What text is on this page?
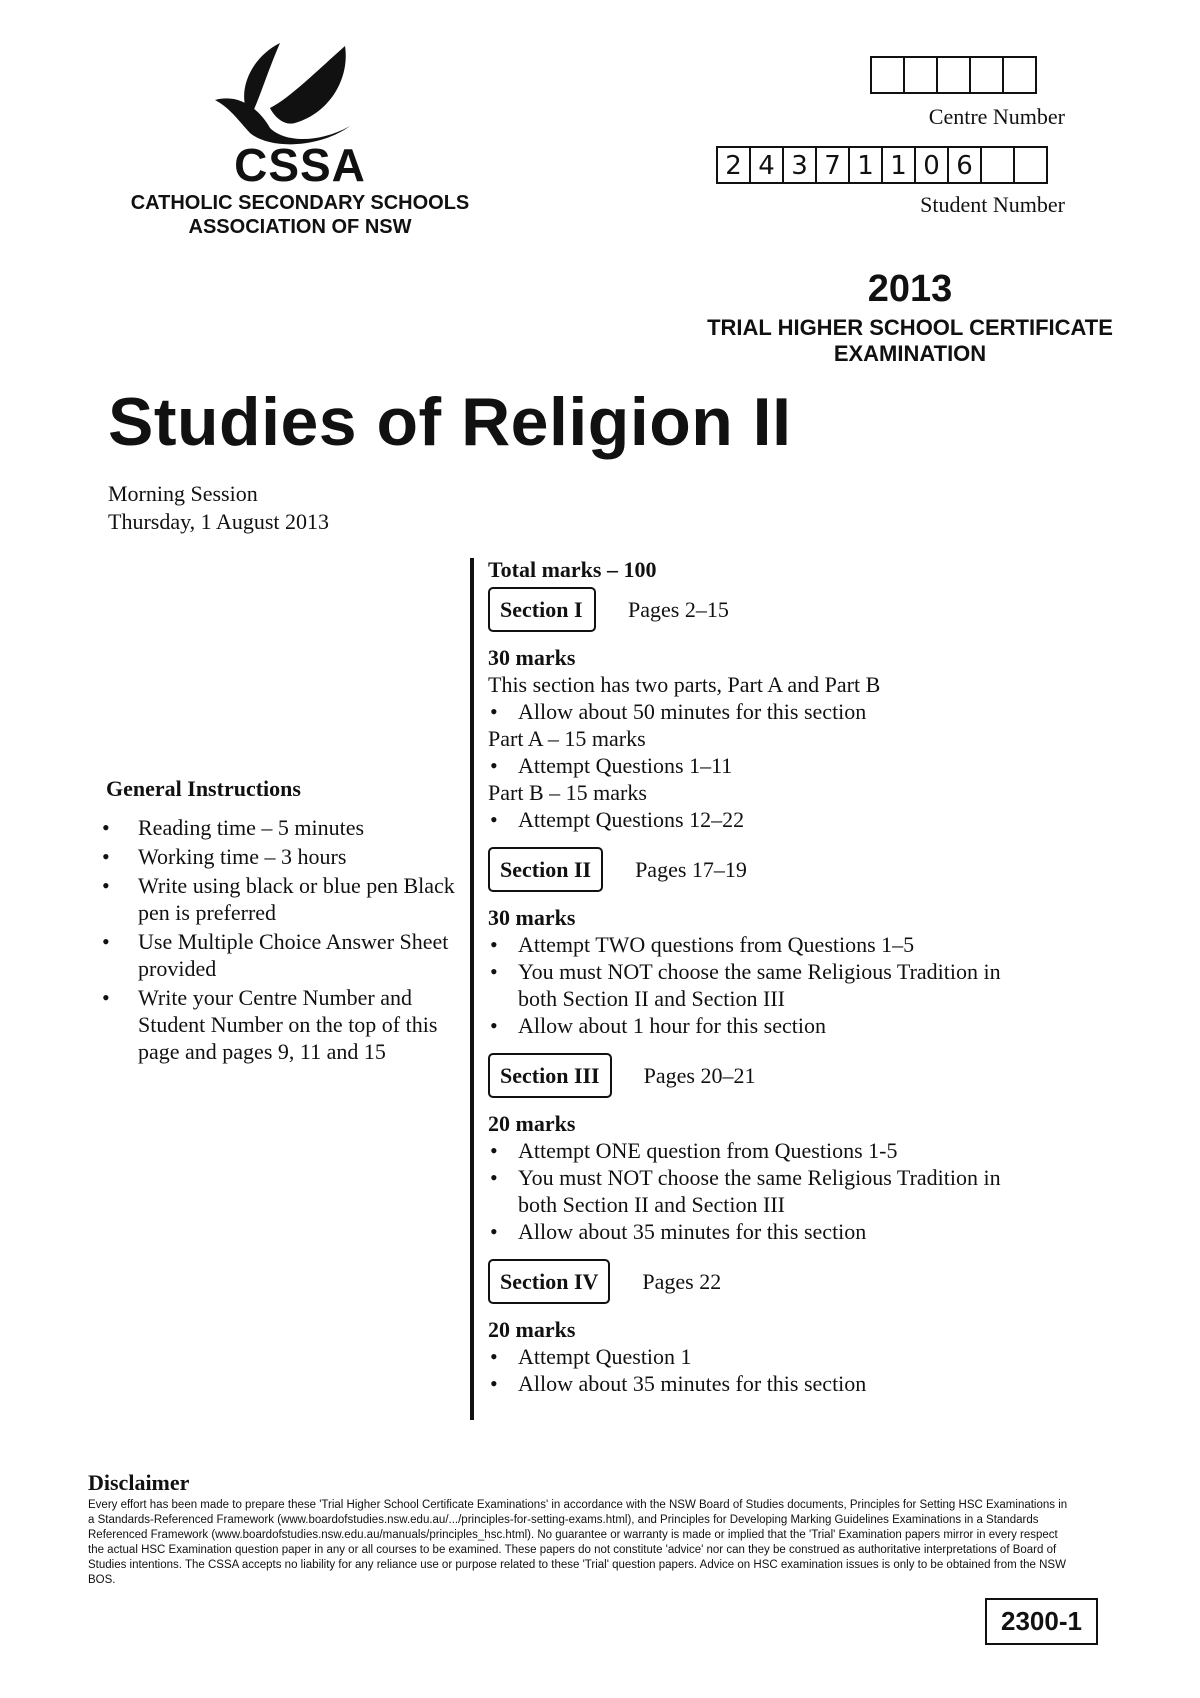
CSSA
CATHOLIC SECONDARY SCHOOLS
ASSOCIATION OF NSW
Centre Number
2 4 3 7 1 1 0 6
Student Number
2013
TRIAL HIGHER SCHOOL CERTIFICATE
EXAMINATION
Studies of Religion II
Morning Session
Thursday, 1 August 2013
General Instructions
• Reading time – 5 minutes
• Working time – 3 hours
• Write using black or blue pen Black pen is preferred
• Use Multiple Choice Answer Sheet provided
• Write your Centre Number and Student Number on the top of this page and pages 9, 11 and 15
Total marks – 100
Section I	Pages 2–15
30 marks
This section has two parts, Part A and Part B
• Allow about 50 minutes for this section
Part A – 15 marks
• Attempt Questions 1–11
Part B – 15 marks
• Attempt Questions 12–22
Section II	Pages 17–19
30 marks
• Attempt TWO questions from Questions 1–5
• You must NOT choose the same Religious Tradition in both Section II and Section III
• Allow about 1 hour for this section
Section III	Pages 20–21
20 marks
• Attempt ONE question from Questions 1-5
• You must NOT choose the same Religious Tradition in both Section II and Section III
• Allow about 35 minutes for this section
Section IV	Pages 22
20 marks
• Attempt Question 1
• Allow about 35 minutes for this section
Disclaimer
Every effort has been made to prepare these 'Trial Higher School Certificate Examinations' in accordance with the NSW Board of Studies documents, Principles for Setting HSC Examinations in a Standards-Referenced Framework (www.boardofstudies.nsw.edu.au/.../principles-for-setting-exams.html), and Principles for Developing Marking Guidelines Examinations in a Standards Referenced Framework (www.boardofstudies.nsw.edu.au/manuals/principles_hsc.html). No guarantee or warranty is made or implied that the 'Trial' Examination papers mirror in every respect the actual HSC Examination question paper in any or all courses to be examined. These papers do not constitute 'advice' nor can they be construed as authoritative interpretations of Board of Studies intentions. The CSSA accepts no liability for any reliance use or purpose related to these 'Trial' question papers. Advice on HSC examination issues is only to be obtained from the NSW BOS.
2300-1
